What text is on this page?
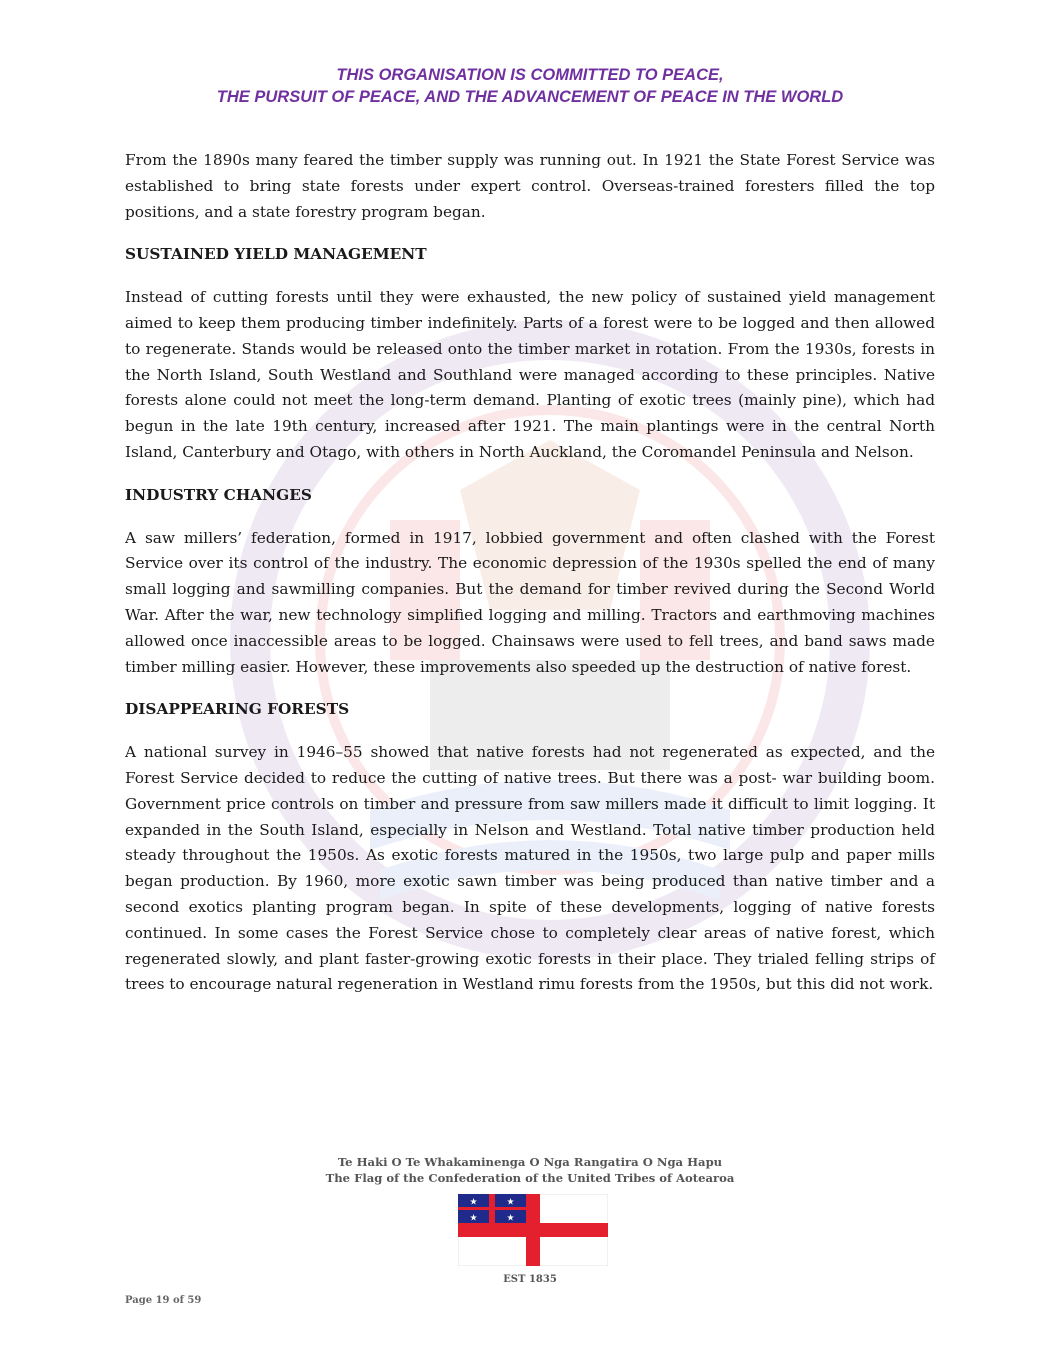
THIS ORGANISATION IS COMMITTED TO PEACE,
THE PURSUIT OF PEACE, AND THE ADVANCEMENT OF PEACE IN THE WORLD

From the 1890s many feared the timber supply was running out. In 1921 the State Forest Service was established to bring state forests under expert control. Overseas-trained foresters filled the top positions, and a state forestry program began.

SUSTAINED YIELD MANAGEMENT

Instead of cutting forests until they were exhausted, the new policy of sustained yield management aimed to keep them producing timber indefinitely. Parts of a forest were to be logged and then allowed to regenerate. Stands would be released onto the timber market in rotation. From the 1930s, forests in the North Island, South Westland and Southland were managed according to these principles. Native forests alone could not meet the long-term demand. Planting of exotic trees (mainly pine), which had begun in the late 19th century, increased after 1921. The main plantings were in the central North Island, Canterbury and Otago, with others in North Auckland, the Coromandel Peninsula and Nelson.

INDUSTRY CHANGES

A saw millers’ federation, formed in 1917, lobbied government and often clashed with the Forest Service over its control of the industry. The economic depression of the 1930s spelled the end of many small logging and sawmilling companies. But the demand for timber revived during the Second World War. After the war, new technology simplified logging and milling. Tractors and earthmoving machines allowed once inaccessible areas to be logged. Chainsaws were used to fell trees, and band saws made timber milling easier. However, these improvements also speeded up the destruction of native forest.

DISAPPEARING FORESTS

A national survey in 1946–55 showed that native forests had not regenerated as expected, and the Forest Service decided to reduce the cutting of native trees. But there was a post- war building boom. Government price controls on timber and pressure from saw millers made it difficult to limit logging. It expanded in the South Island, especially in Nelson and Westland. Total native timber production held steady throughout the 1950s. As exotic forests matured in the 1950s, two large pulp and paper mills began production. By 1960, more exotic sawn timber was being produced than native timber and a second exotics planting program began. In spite of these developments, logging of native forests continued. In some cases the Forest Service chose to completely clear areas of native forest, which regenerated slowly, and plant faster-growing exotic forests in their place. They trialed felling strips of trees to encourage natural regeneration in Westland rimu forests from the 1950s, but this did not work.

Te Haki O Te Whakaminenga O Nga Rangatira O Nga Hapu
The Flag of the Confederation of the United Tribes of Aotearoa
★	★
★	★
EST 1835
Page 19 of 59
